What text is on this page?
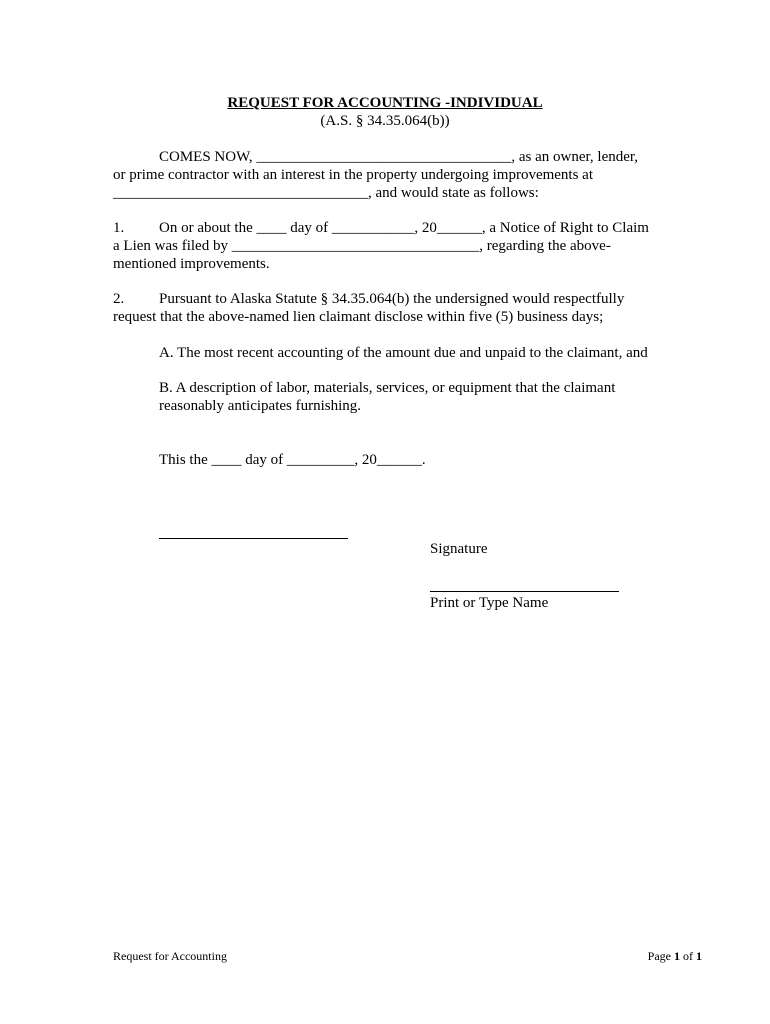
REQUEST FOR ACCOUNTING -INDIVIDUAL
(A.S. § 34.35.064(b))
COMES NOW, __________________________________, as an owner, lender,
or prime contractor with an interest in the property undergoing improvements at
__________________________________, and would state as follows:
1. On or about the ____ day of ___________, 20______, a Notice of Right to Claim
a Lien was filed by _________________________________, regarding the above-
mentioned improvements.
2. Pursuant to Alaska Statute § 34.35.064(b) the undersigned would respectfully
request that the above-named lien claimant disclose within five (5) business days;
A. The most recent accounting of the amount due and unpaid to the claimant, and
B. A description of labor, materials, services, or equipment that the claimant
reasonably anticipates furnishing.
This the ____ day of _________, 20______.
Signature
Print or Type Name
Request for Accounting	Page 1 of 1
